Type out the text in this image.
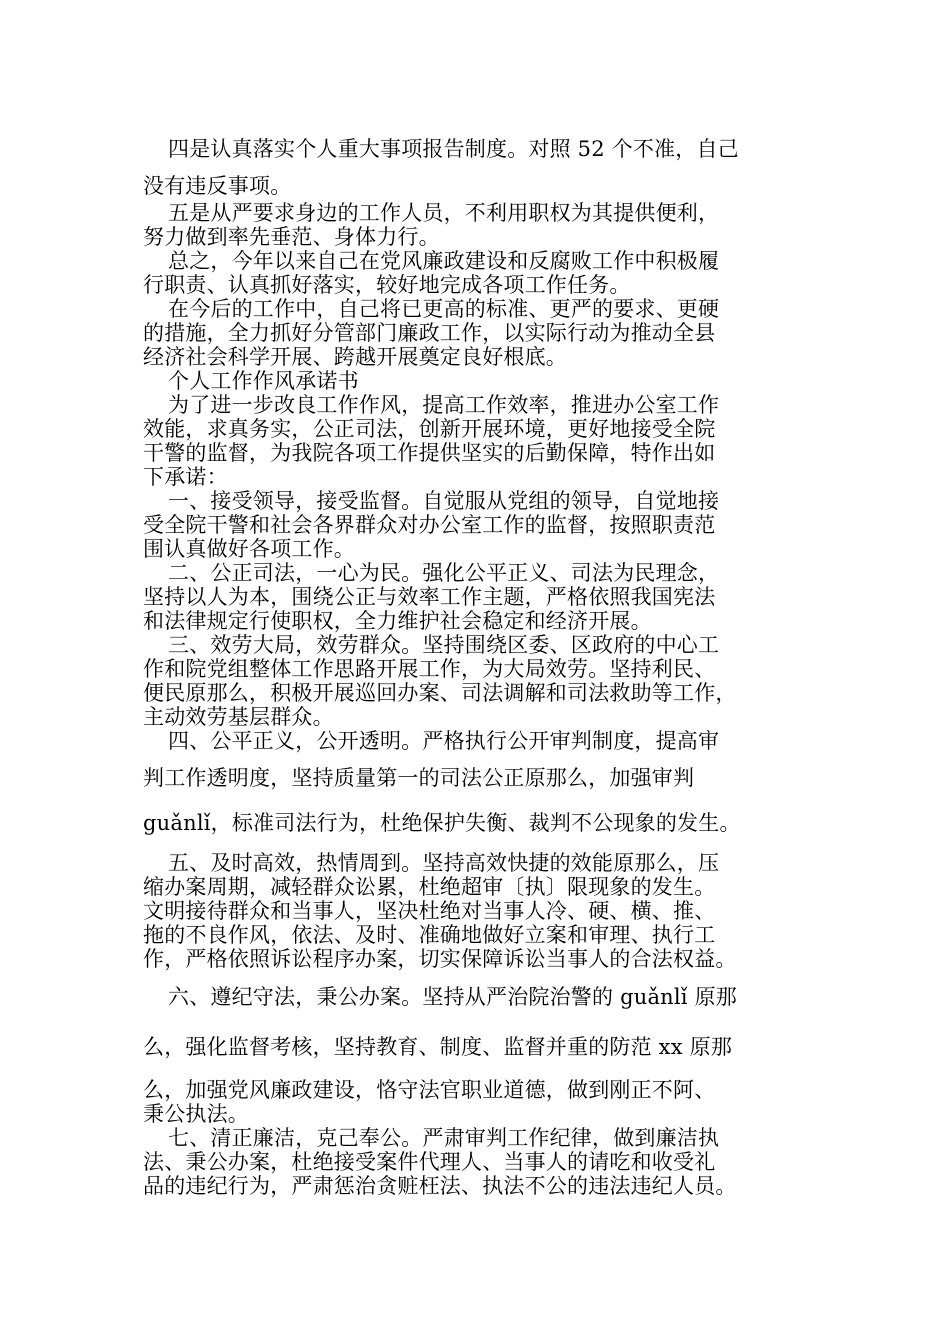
四是认真落实个人重大事项报告制度。对照 52 个不准，自己
没有违反事项。
五是从严要求身边的工作人员，不利用职权为其提供便利，
努力做到率先垂范、身体力行。
总之，今年以来自己在党风廉政建设和反腐败工作中积极履
行职责、认真抓好落实，较好地完成各项工作任务。
在今后的工作中，自己将已更高的标准、更严的要求、更硬
的措施，全力抓好分管部门廉政工作，以实际行动为推动全县
经济社会科学开展、跨越开展奠定良好根底。
个人工作作风承诺书
为了进一步改良工作作风，提高工作效率，推进办公室工作
效能，求真务实，公正司法，创新开展环境，更好地接受全院
干警的监督，为我院各项工作提供坚实的后勤保障，特作出如
下承诺：
一、接受领导，接受监督。自觉服从党组的领导，自觉地接
受全院干警和社会各界群众对办公室工作的监督，按照职责范
围认真做好各项工作。
二、公正司法，一心为民。强化公平正义、司法为民理念，
坚持以人为本，围绕公正与效率工作主题，严格依照我国宪法
和法律规定行使职权，全力维护社会稳定和经济开展。
三、效劳大局，效劳群众。坚持围绕区委、区政府的中心工
作和院党组整体工作思路开展工作，为大局效劳。坚持利民、
便民原那么，积极开展巡回办案、司法调解和司法救助等工作，
主动效劳基层群众。
四、公平正义，公开透明。严格执行公开审判制度，提高审
判工作透明度，坚持质量第一的司法公正原那么，加强审判
guǎnlǐ，标准司法行为，杜绝保护失衡、裁判不公现象的发生。
五、及时高效，热情周到。坚持高效快捷的效能原那么，压
缩办案周期，减轻群众讼累，杜绝超审〔执〕限现象的发生。
文明接待群众和当事人，坚决杜绝对当事人冷、硬、横、推、
拖的不良作风，依法、及时、准确地做好立案和审理、执行工
作，严格依照诉讼程序办案，切实保障诉讼当事人的合法权益。
六、遵纪守法，秉公办案。坚持从严治院治警的 guǎnlǐ 原那
么，强化监督考核，坚持教育、制度、监督并重的防范 xx 原那
么，加强党风廉政建设，恪守法官职业道德，做到刚正不阿、
秉公执法。
七、清正廉洁，克己奉公。严肃审判工作纪律，做到廉洁执
法、秉公办案，杜绝接受案件代理人、当事人的请吃和收受礼
品的违纪行为，严肃惩治贪赃枉法、执法不公的违法违纪人员。
